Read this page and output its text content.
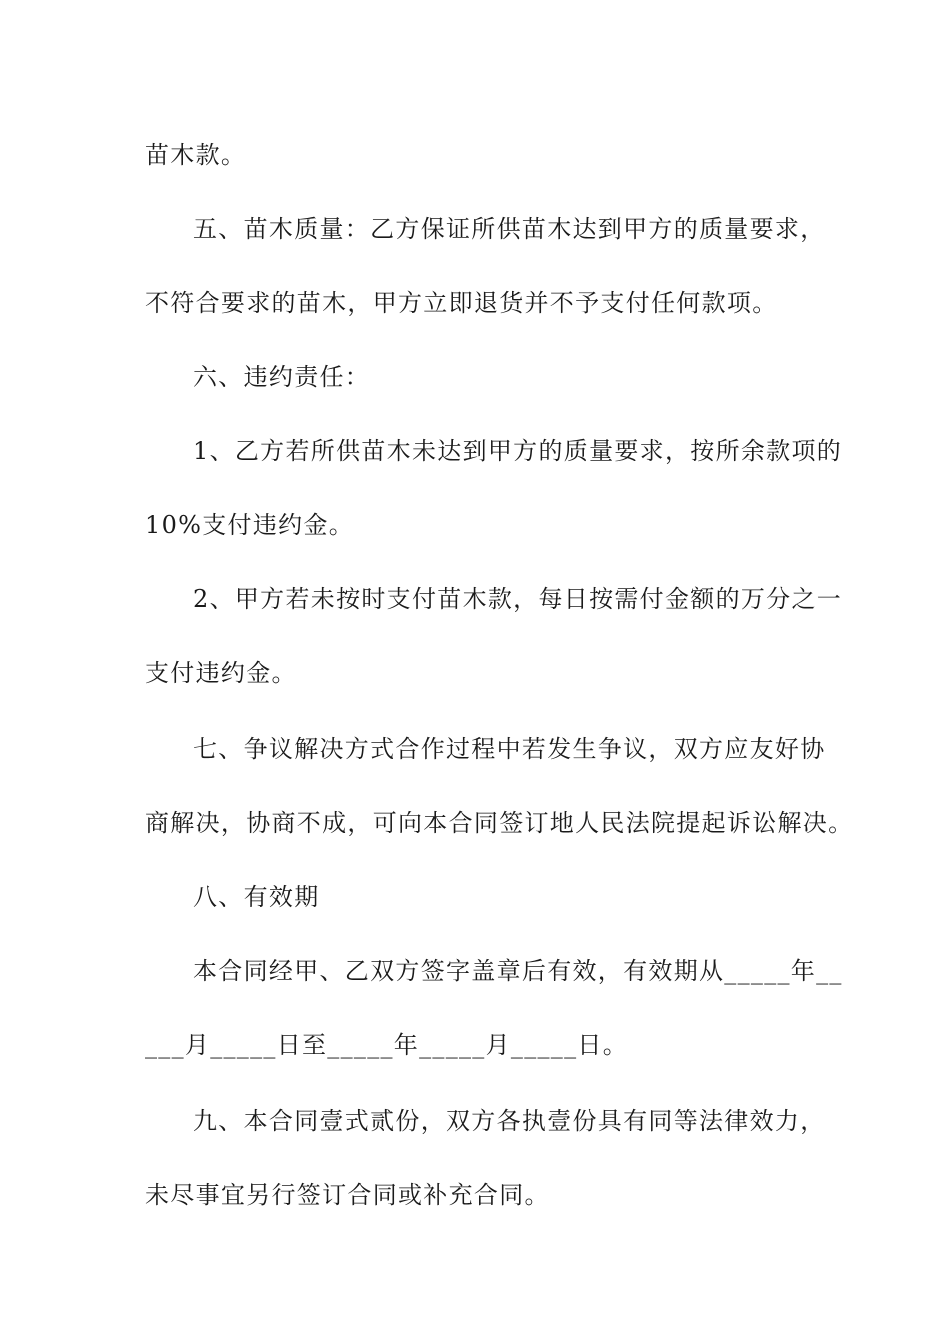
苗木款。
五、苗木质量：乙方保证所供苗木达到甲方的质量要求，
不符合要求的苗木，甲方立即退货并不予支付任何款项。
六、违约责任：
1、乙方若所供苗木未达到甲方的质量要求，按所余款项的
10%支付违约金。
2、甲方若未按时支付苗木款，每日按需付金额的万分之一
支付违约金。
七、争议解决方式合作过程中若发生争议，双方应友好协
商解决，协商不成，可向本合同签订地人民法院提起诉讼解决。
八、有效期
本合同经甲、乙双方签字盖章后有效，有效期从_____年__
___月_____日至_____年_____月_____日。
九、本合同壹式贰份，双方各执壹份具有同等法律效力，
未尽事宜另行签订合同或补充合同。
